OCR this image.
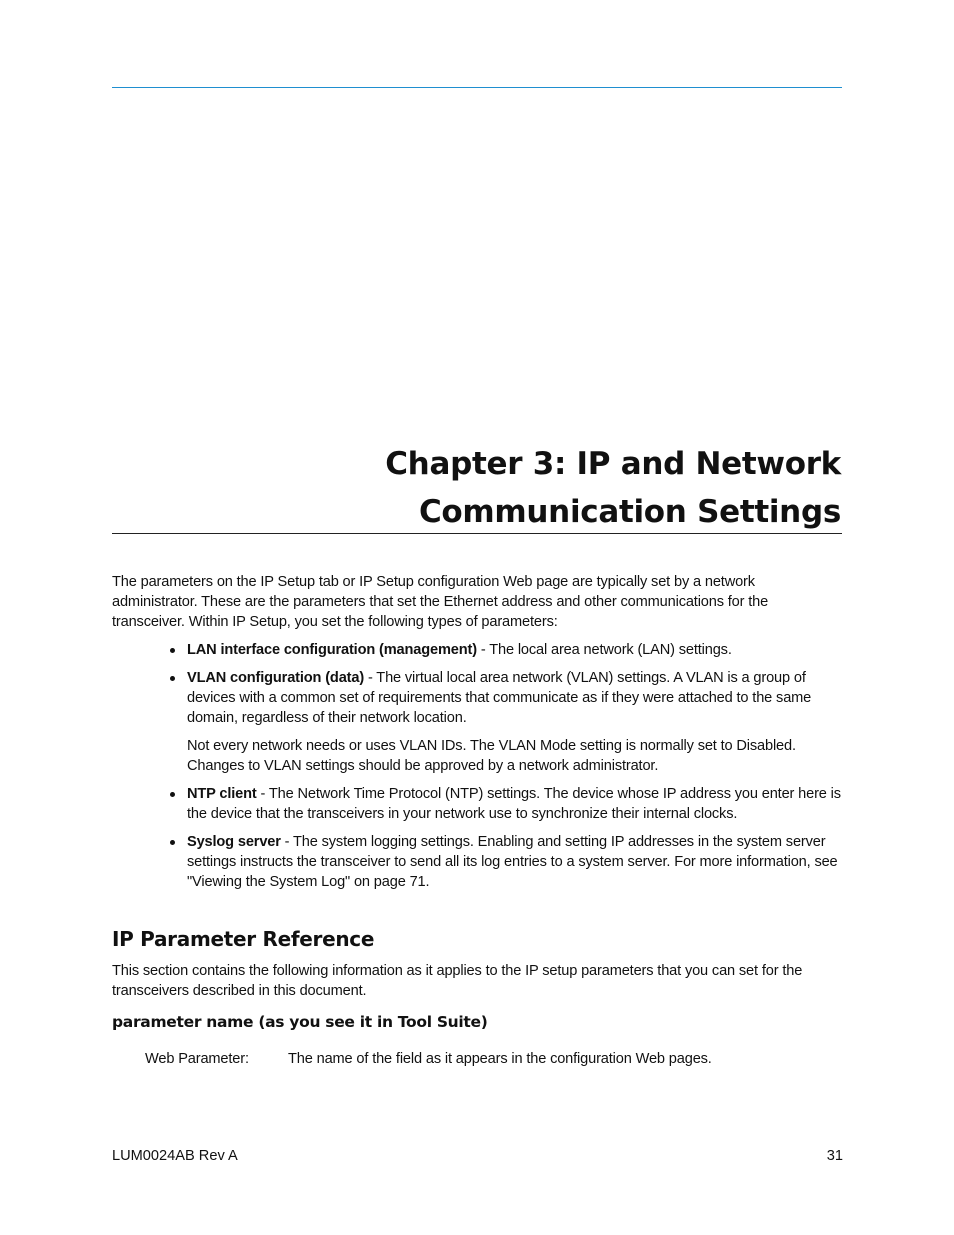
Chapter 3: IP and Network
Communication Settings

The parameters on the IP Setup tab or IP Setup configuration Web page are typically set by a network administrator. These are the parameters that set the Ethernet address and other communications for the transceiver. Within IP Setup, you set the following types of parameters:

LAN interface configuration (management) - The local area network (LAN) settings.
VLAN configuration (data) - The virtual local area network (VLAN) settings. A VLAN is a group of devices with a common set of requirements that communicate as if they were attached to the same domain, regardless of their network location.
Not every network needs or uses VLAN IDs. The VLAN Mode setting is normally set to Disabled. Changes to VLAN settings should be approved by a network administrator.
NTP client - The Network Time Protocol (NTP) settings. The device whose IP address you enter here is the device that the transceivers in your network use to synchronize their internal clocks.
Syslog server - The system logging settings. Enabling and setting IP addresses in the system server settings instructs the transceiver to send all its log entries to a system server. For more information, see "Viewing the System Log" on page 71.
IP Parameter Reference

This section contains the following information as it applies to the IP setup parameters that you can set for the transceivers described in this document.

parameter name (as you see it in Tool Suite)
Web Parameter:	The name of the field as it appears in the configuration Web pages.
LUM0024AB Rev A	31
